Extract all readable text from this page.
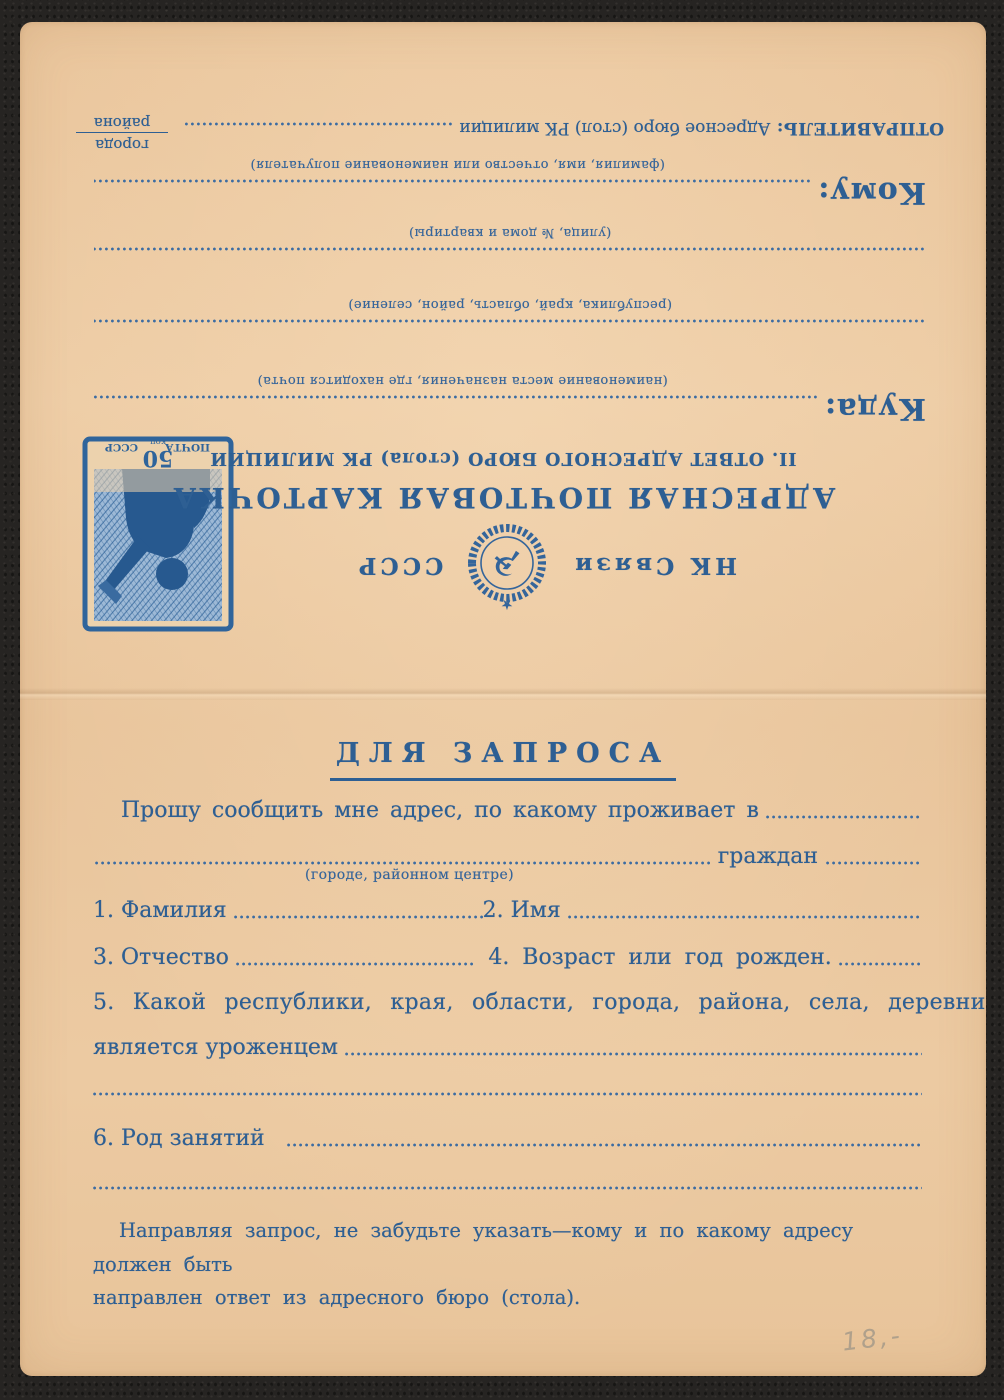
50
ПОЧТА
коп
СССР
НК Связи
★
☭
СССР
АДРЕСНАЯ ПОЧТОВАЯ КАРТОЧКА
II. ОТВЕТ АДРЕСНОГО БЮРО (стола) РК МИЛИЦИИ
Куда:
(наименование места назначения, где находится почта)
(республика, край, область, район, селение)
(улица, № дома и квартиры)
Кому:
(фамилия, имя, отчество или наименование получателя)
ОТПРАВИТЕЛЬ:
Адресное бюро (стол) РК милиции
города
района
ДЛЯ ЗАПРОСА
Прошу сообщить мне адрес, по какому проживает в
граждан
(городе, районном центре)
1. Фамилия	2. Имя
3. Отчество	4. Возраст или год рожден.
5. Какой республики, края, области, города, района, села, деревни
является уроженцем
6. Род занятий
Направляя запрос, не забудьте указать—кому и по какому адресу должен быть
направлен ответ из адресного бюро (стола).
18,-
